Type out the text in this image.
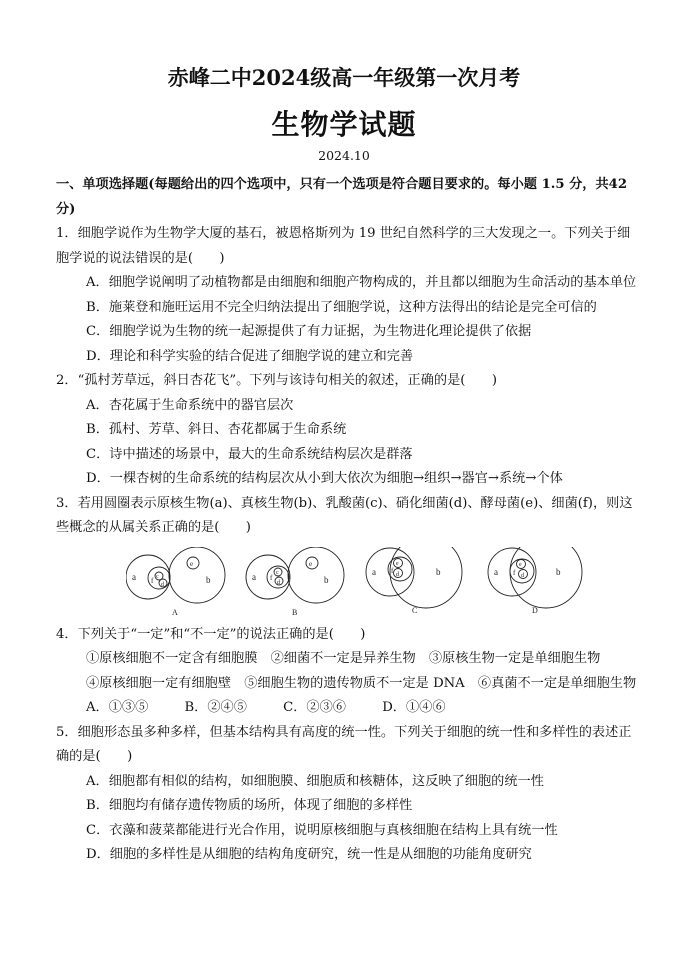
赤峰二中2024级高一年级第一次月考
生物学试题
2024.10

一、单项选择题(每题给出的四个选项中，只有一个选项是符合题目要求的。每小题 1.5 分，共42 分)

1．细胞学说作为生物学大厦的基石，被恩格斯列为 19 世纪自然科学的三大发现之一。下列关于细胞学说的说法错误的是(　　)

A．细胞学说阐明了动植物都是由细胞和细胞产物构成的，并且都以细胞为生命活动的基本单位

B．施莱登和施旺运用不完全归纳法提出了细胞学说，这种方法得出的结论是完全可信的

C．细胞学说为生物的统一起源提供了有力证据，为生物进化理论提供了依据

D．理论和科学实验的结合促进了细胞学说的建立和完善

2．“孤村芳草远，斜日杏花飞”。下列与该诗句相关的叙述，正确的是(　　)

A．杏花属于生命系统中的器官层次

B．孤村、芳草、斜日、杏花都属于生命系统

C．诗中描述的场景中，最大的生命系统结构层次是群落

D．一棵杏树的生命系统的结构层次从小到大依次为细胞→组织→器官→系统→个体

3．若用圆圈表示原核生物(a)、真核生物(b)、乳酸菌(c)、硝化细菌(d)、酵母菌(e)、细菌(f)，则这些概念的从属关系正确的是(　　)

a	b
c
d
e
f
A
a	b
c
d
e
f
B
a	b
e
d
f
C
a	b
e
d
f
D

4．下列关于“一定”和“不一定”的说法正确的是(　　)

①原核细胞不一定含有细胞膜　②细菌不一定是异养生物　③原核生物一定是单细胞生物

④原核细胞一定有细胞壁　⑤细胞生物的遗传物质不一定是 DNA　⑥真菌不一定是单细胞生物

A．①③⑤	B．②④⑤	C．②③⑥	D．①④⑥

5．细胞形态虽多种多样，但基本结构具有高度的统一性。下列关于细胞的统一性和多样性的表述正确的是(　　)

A．细胞都有相似的结构，如细胞膜、细胞质和核糖体，这反映了细胞的统一性

B．细胞均有储存遗传物质的场所，体现了细胞的多样性

C．衣藻和菠菜都能进行光合作用，说明原核细胞与真核细胞在结构上具有统一性

D．细胞的多样性是从细胞的结构角度研究，统一性是从细胞的功能角度研究
